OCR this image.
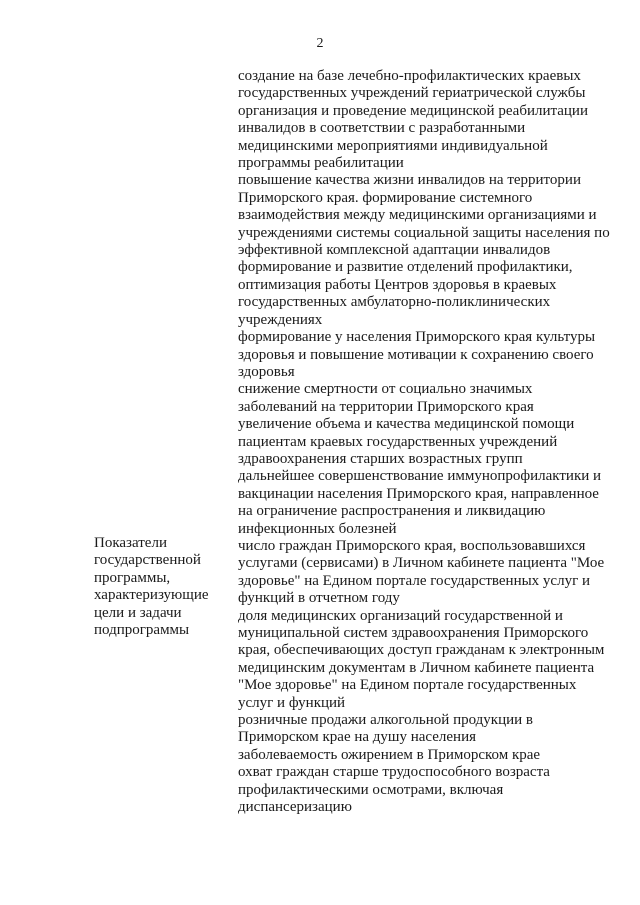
2
Показатели
государственной
программы,
характеризующие
цели и задачи
подпрограммы
создание на базе лечебно-профилактических краевых
государственных учреждений гериатрической службы
организация и проведение медицинской реабилитации
инвалидов в соответствии с разработанными
медицинскими мероприятиями индивидуальной
программы реабилитации
повышение качества жизни инвалидов на территории
Приморского края. формирование системного
взаимодействия между медицинскими организациями и
учреждениями системы социальной защиты населения по
эффективной комплексной адаптации инвалидов
формирование и развитие отделений профилактики,
оптимизация работы Центров здоровья в краевых
государственных амбулаторно-поликлинических
учреждениях
формирование у населения Приморского края культуры
здоровья и повышение мотивации к сохранению своего
здоровья
снижение смертности от социально значимых
заболеваний на территории Приморского края
увеличение объема и качества медицинской помощи
пациентам краевых государственных учреждений
здравоохранения старших возрастных групп
дальнейшее совершенствование иммунопрофилактики и
вакцинации населения Приморского края, направленное
на ограничение распространения и ликвидацию
инфекционных болезней
число граждан Приморского края, воспользовавшихся
услугами (сервисами) в Личном кабинете пациента "Мое
здоровье" на Едином портале государственных услуг и
функций в отчетном году
доля медицинских организаций государственной и
муниципальной систем здравоохранения Приморского
края, обеспечивающих доступ гражданам к электронным
медицинским документам в Личном кабинете пациента
"Мое здоровье" на Едином портале государственных
услуг и функций
розничные продажи алкогольной продукции в
Приморском крае на душу населения
заболеваемость ожирением в Приморском крае
охват граждан старше трудоспособного возраста
профилактическими осмотрами, включая
диспансеризацию
